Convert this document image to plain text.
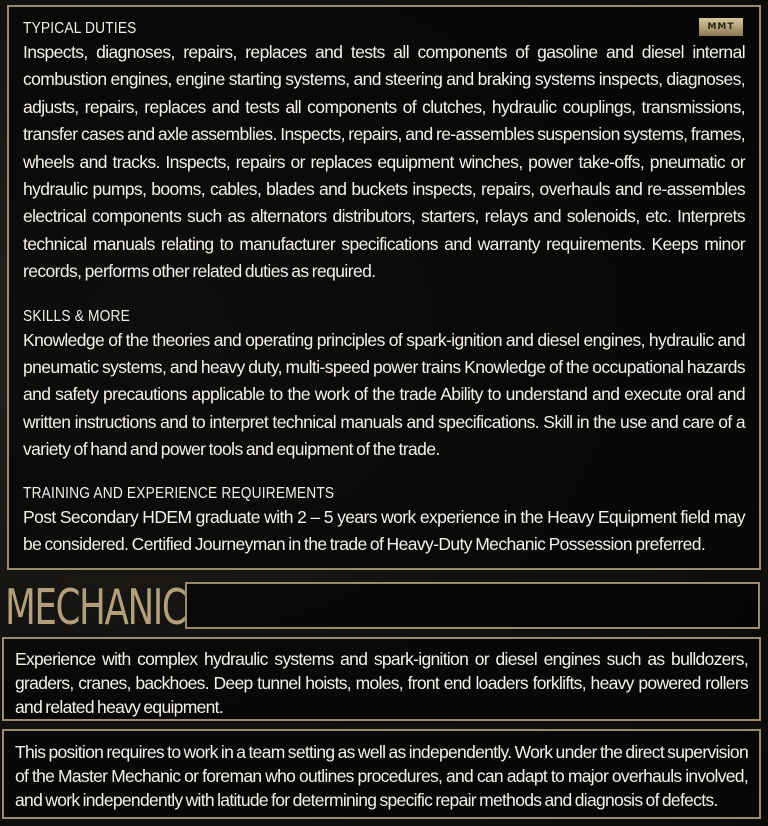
MMT

TYPICAL DUTIES

Inspects, diagnoses, repairs, replaces and tests all components of gasoline and diesel internal combustion engines, engine starting systems, and steering and braking systems inspects, diagnoses, adjusts, repairs, replaces and tests all components of clutches, hydraulic couplings, transmissions, transfer cases and axle assemblies. Inspects, repairs, and re-assembles suspension systems, frames, wheels and tracks. Inspects, repairs or replaces equipment winches, power take-offs, pneumatic or hydraulic pumps, booms, cables, blades and buckets inspects, repairs, overhauls and re-assembles electrical components such as alternators distributors, starters, relays and solenoids, etc. Interprets technical manuals relating to manufacturer specifications and warranty requirements. Keeps minor records, performs other related duties as required.

SKILLS & MORE

Knowledge of the theories and operating principles of spark-ignition and diesel engines, hydraulic and pneumatic systems, and heavy duty, multi-speed power trains Knowledge of the occupational hazards and safety precautions applicable to the work of the trade Ability to understand and execute oral and written instructions and to interpret technical manuals and specifications. Skill in the use and care of a variety of hand and power tools and equipment of the trade.

TRAINING AND EXPERIENCE REQUIREMENTS

Post Secondary HDEM graduate with 2 – 5 years work experience in the Heavy Equipment field may be considered. Certified Journeyman in the trade of Heavy-Duty Mechanic Possession preferred.

MECHANIC

Experience with complex hydraulic systems and spark-ignition or diesel engines such as bulldozers, graders, cranes, backhoes. Deep tunnel hoists, moles, front end loaders forklifts, heavy powered rollers and related heavy equipment.

This position requires to work in a team setting as well as independently. Work under the direct supervision of the Master Mechanic or foreman who outlines procedures, and can adapt to major overhauls involved, and work independently with latitude for determining specific repair methods and diagnosis of defects.
